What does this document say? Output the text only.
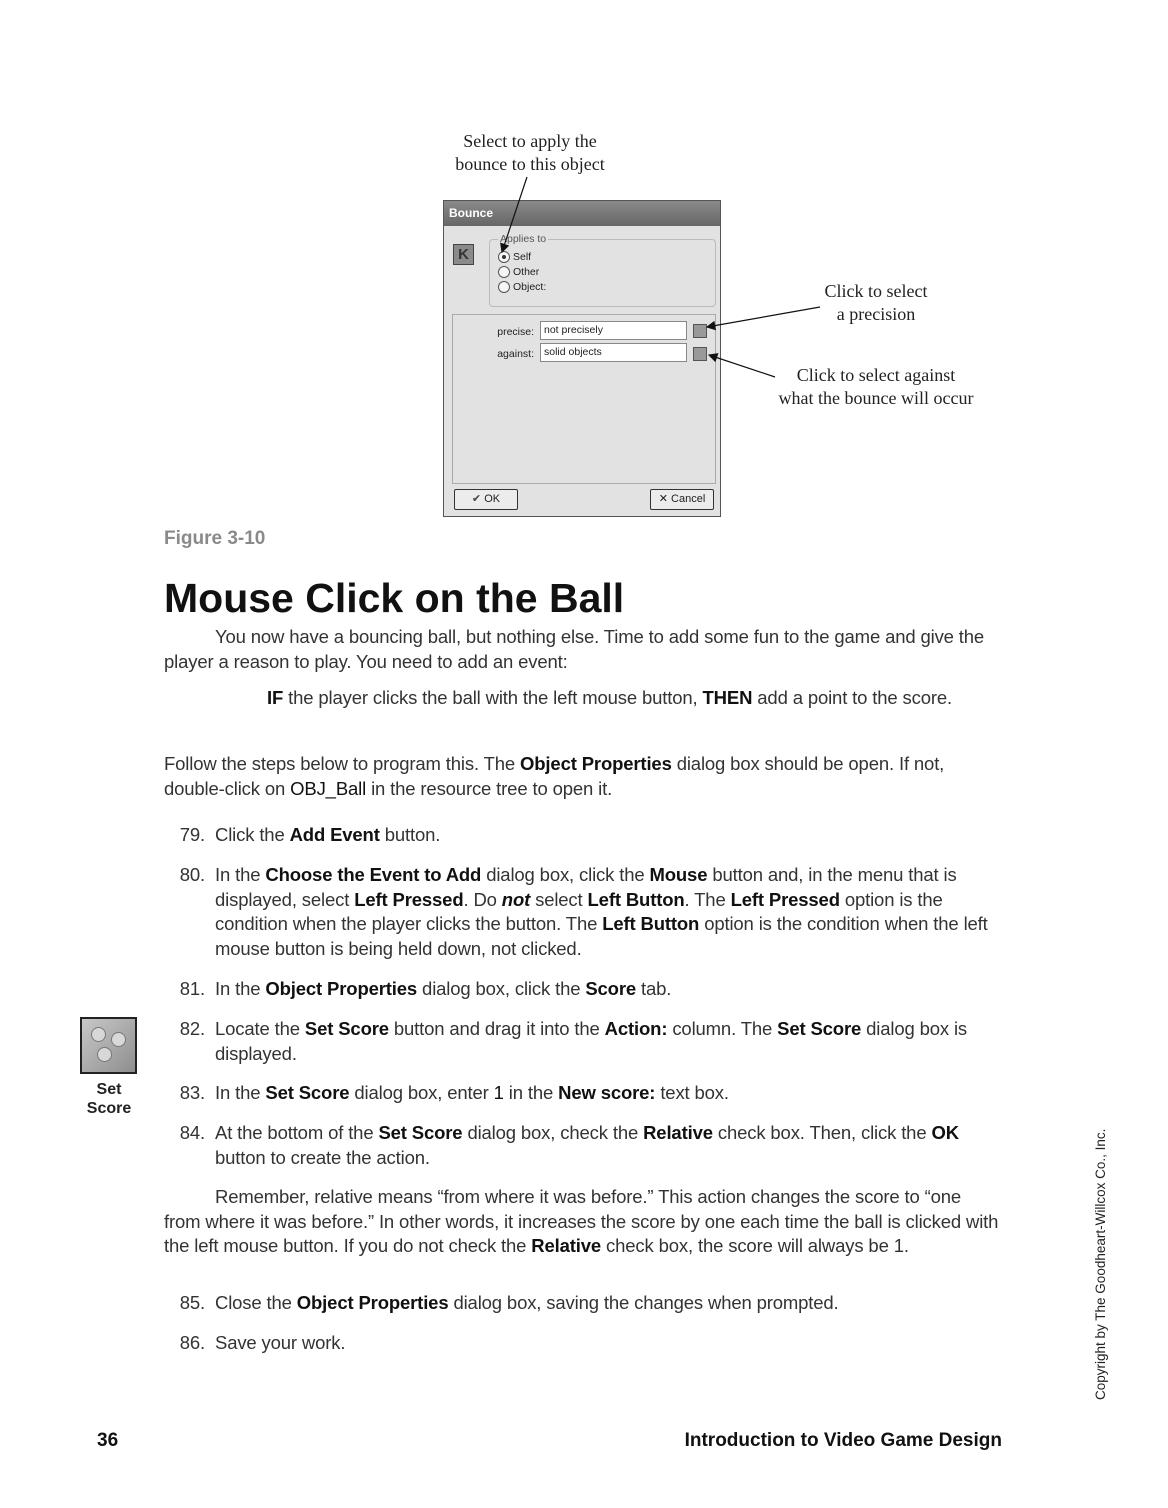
Select to apply the
bounce to this object
Click to select
a precision
Click to select against
what the bounce will occur
Bounce
K
Applies to
Self
Other
Object:
precise: not precisely
against: solid objects
✔ OK	✕ Cancel
Figure 3-10
Mouse Click on the Ball
You now have a bouncing ball, but nothing else. Time to add some fun to the game and give the player a reason to play. You need to add an event:
IF the player clicks the ball with the left mouse button, THEN add a point to the score.
Follow the steps below to program this. The Object Properties dialog box should be open. If not, double-click on OBJ_Ball in the resource tree to open it.
79. Click the Add Event button.
80. In the Choose the Event to Add dialog box, click the Mouse button and, in the menu that is displayed, select Left Pressed. Do not select Left Button. The Left Pressed option is the condition when the player clicks the button. The Left Button option is the condition when the left mouse button is being held down, not clicked.
81. In the Object Properties dialog box, click the Score tab.
82. Locate the Set Score button and drag it into the Action: column. The Set Score dialog box is displayed.
83. In the Set Score dialog box, enter 1 in the New score: text box.
84. At the bottom of the Set Score dialog box, check the Relative check box. Then, click the OK button to create the action.
Remember, relative means “from where it was before.” This action changes the score to “one from where it was before.” In other words, it increases the score by one each time the ball is clicked with the left mouse button. If you do not check the Relative check box, the score will always be 1.
85. Close the Object Properties dialog box, saving the changes when prompted.
86. Save your work.
Set
Score
Copyright by The Goodheart-Willcox Co., Inc.
36	Introduction to Video Game Design
